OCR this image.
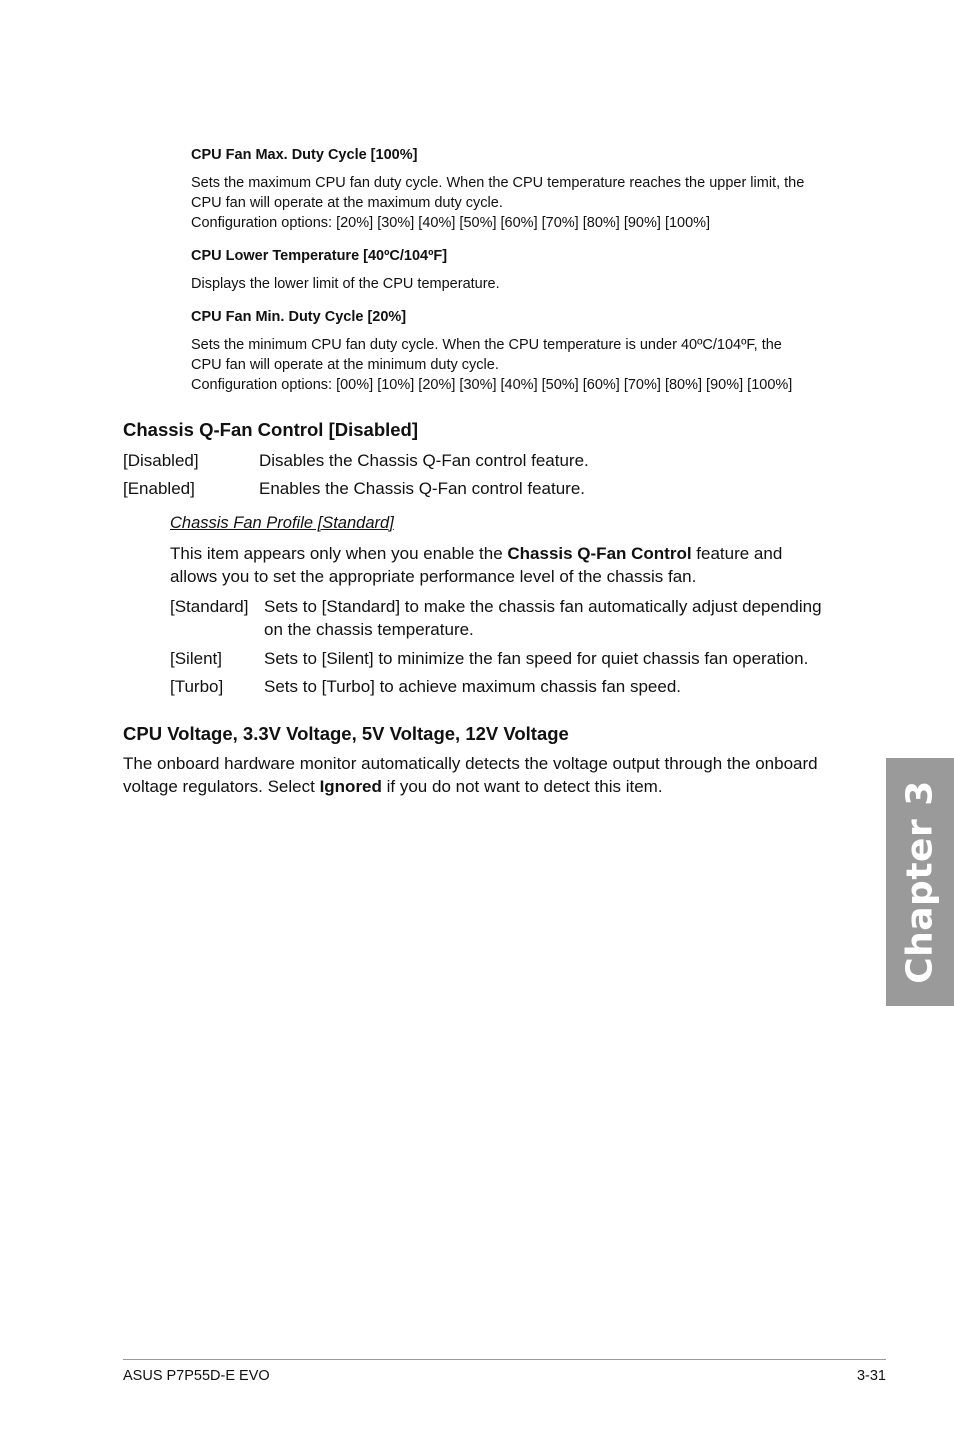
CPU Fan Max. Duty Cycle [100%]
Sets the maximum CPU fan duty cycle. When the CPU temperature reaches the upper limit, the
CPU fan will operate at the maximum duty cycle.
Configuration options: [20%] [30%] [40%] [50%] [60%] [70%] [80%] [90%] [100%]
CPU Lower Temperature [40ºC/104ºF]
Displays the lower limit of the CPU temperature.
CPU Fan Min. Duty Cycle [20%]
Sets the minimum CPU fan duty cycle. When the CPU temperature is under 40ºC/104ºF, the
CPU fan will operate at the minimum duty cycle.
Configuration options: [00%] [10%] [20%] [30%] [40%] [50%] [60%] [70%] [80%] [90%] [100%]
Chassis Q-Fan Control [Disabled]
[Disabled]	Disables the Chassis Q-Fan control feature.
[Enabled]	Enables the Chassis Q-Fan control feature.
Chassis Fan Profile [Standard]
This item appears only when you enable the Chassis Q-Fan Control feature and
allows you to set the appropriate performance level of the chassis fan.
[Standard] Sets to [Standard] to make the chassis fan automatically adjust depending
on the chassis temperature.
[Silent] Sets to [Silent] to minimize the fan speed for quiet chassis fan operation.
[Turbo] Sets to [Turbo] to achieve maximum chassis fan speed.
CPU Voltage, 3.3V Voltage, 5V Voltage, 12V Voltage
The onboard hardware monitor automatically detects the voltage output through the onboard
voltage regulators. Select Ignored if you do not want to detect this item.	Chapter 3
ASUS P7P55D-E EVO	3-31
